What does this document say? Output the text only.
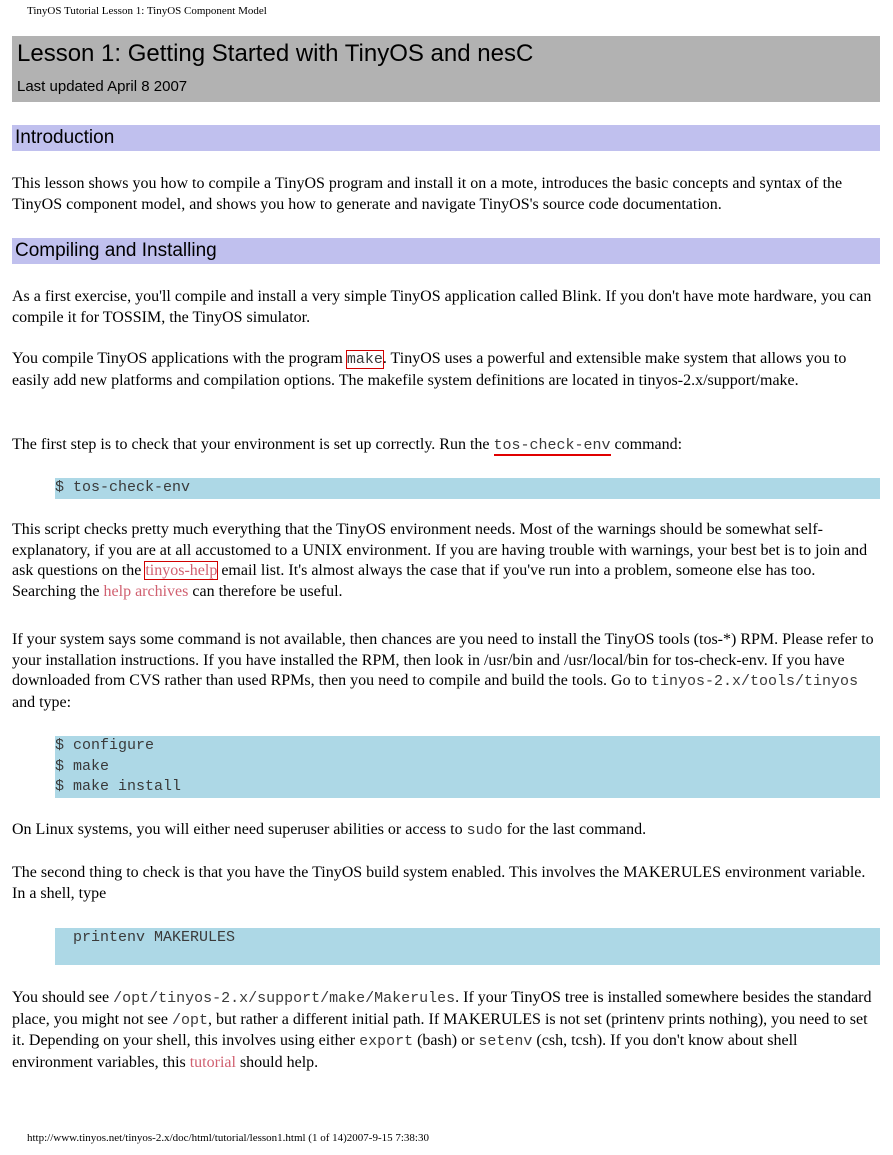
TinyOS Tutorial Lesson 1: TinyOS Component Model
Lesson 1: Getting Started with TinyOS and nesC
Last updated April 8 2007
Introduction

This lesson shows you how to compile a TinyOS program and install it on a mote, introduces the basic concepts and syntax of the TinyOS component model, and shows you how to generate and navigate TinyOS's source code documentation.

Compiling and Installing

As a first exercise, you'll compile and install a very simple TinyOS application called Blink. If you don't have mote hardware, you can compile it for TOSSIM, the TinyOS simulator.

You compile TinyOS applications with the program make. TinyOS uses a powerful and extensible make system that allows you to easily add new platforms and compilation options. The makefile system definitions are located in tinyos-2.x/support/make.

The first step is to check that your environment is set up correctly. Run the tos-check-env command:

$ tos-check-env

This script checks pretty much everything that the TinyOS environment needs. Most of the warnings should be somewhat self-explanatory, if you are at all accustomed to a UNIX environment. If you are having trouble with warnings, your best bet is to join and ask questions on the tinyos-help email list. It's almost always the case that if you've run into a problem, someone else has too. Searching the help archives can therefore be useful.

If your system says some command is not available, then chances are you need to install the TinyOS tools (tos-*) RPM. Please refer to your installation instructions. If you have installed the RPM, then look in /usr/bin and /usr/local/bin for tos-check-env. If you have downloaded from CVS rather than used RPMs, then you need to compile and build the tools. Go to tinyos-2.x/tools/tinyos and type:

$ configure
$ make
$ make install

On Linux systems, you will either need superuser abilities or access to sudo for the last command.

The second thing to check is that you have the TinyOS build system enabled. This involves the MAKERULES environment variable. In a shell, type

printenv MAKERULES

You should see /opt/tinyos-2.x/support/make/Makerules. If your TinyOS tree is installed somewhere besides the standard place, you might not see /opt, but rather a different initial path. If MAKERULES is not set (printenv prints nothing), you need to set it. Depending on your shell, this involves using either export (bash) or setenv (csh, tcsh). If you don't know about shell environment variables, this tutorial should help.

http://www.tinyos.net/tinyos-2.x/doc/html/tutorial/lesson1.html (1 of 14)2007-9-15 7:38:30
